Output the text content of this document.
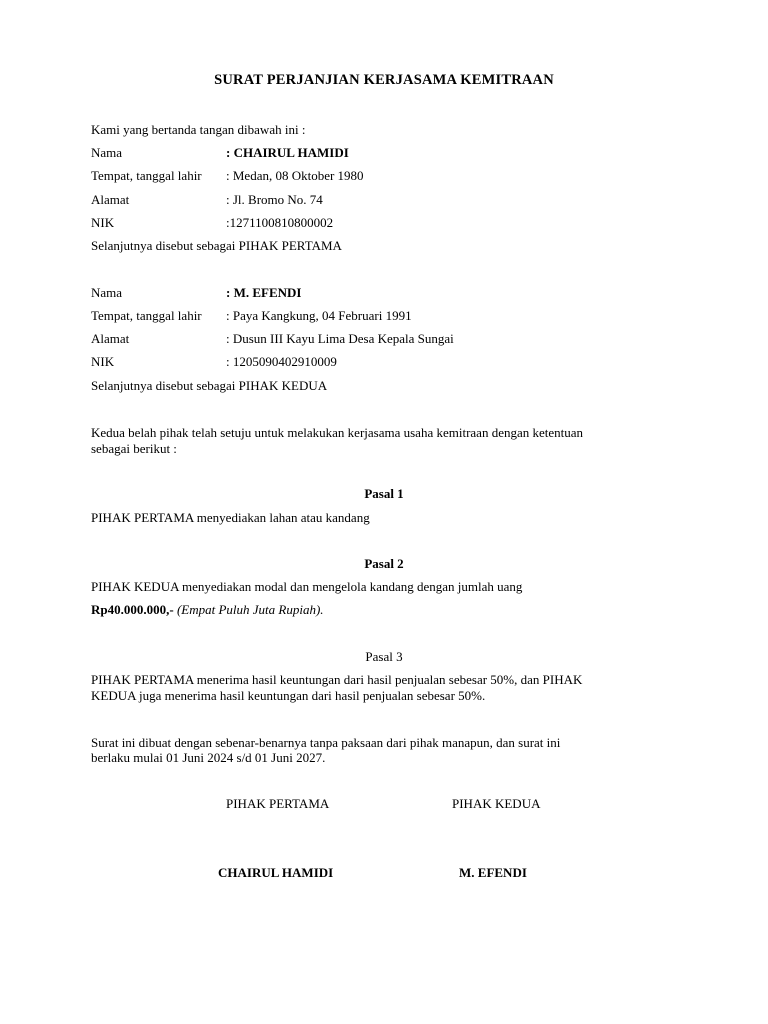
SURAT PERJANJIAN KERJASAMA KEMITRAAN
Kami yang bertanda tangan dibawah ini :
Nama	: CHAIRUL HAMIDI
Tempat, tanggal lahir : Medan, 08 Oktober 1980
Alamat	: Jl. Bromo No. 74
NIK	:1271100810800002
Selanjutnya disebut sebagai PIHAK PERTAMA
Nama	: M. EFENDI
Tempat, tanggal lahir : Paya Kangkung, 04 Februari 1991
Alamat	: Dusun III Kayu Lima Desa Kepala Sungai
NIK	: 1205090402910009
Selanjutnya disebut sebagai PIHAK KEDUA
Kedua belah pihak telah setuju untuk melakukan kerjasama usaha kemitraan dengan ketentuan
sebagai berikut :
Pasal 1
PIHAK PERTAMA menyediakan lahan atau kandang
Pasal 2
PIHAK KEDUA menyediakan modal dan mengelola kandang dengan jumlah uang
Rp40.000.000,- (Empat Puluh Juta Rupiah).
Pasal 3
PIHAK PERTAMA menerima hasil keuntungan dari hasil penjualan sebesar 50%, dan PIHAK
KEDUA juga menerima hasil keuntungan dari hasil penjualan sebesar 50%.
Surat ini dibuat dengan sebenar-benarnya tanpa paksaan dari pihak manapun, dan surat ini
berlaku mulai 01 Juni 2024 s/d 01 Juni 2027.
PIHAK PERTAMA	PIHAK KEDUA
CHAIRUL HAMIDI	M. EFENDI
